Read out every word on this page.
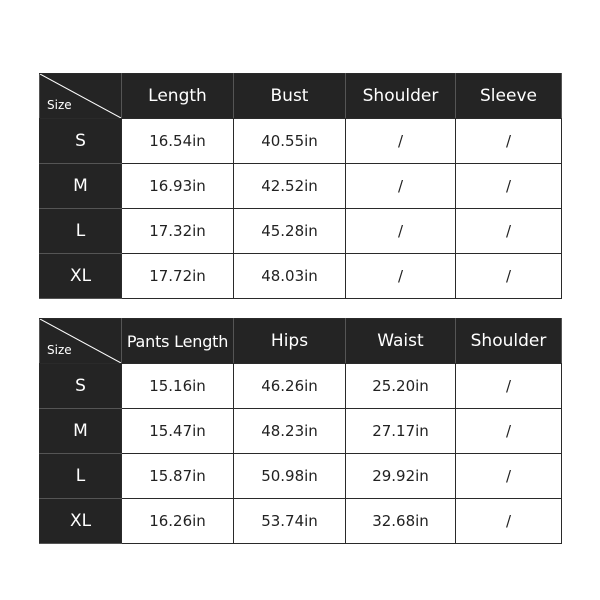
Size	Length	Bust	Shoulder	Sleeve
S	16.54in	40.55in	/	/
M	16.93in	42.52in	/	/
L	17.32in	45.28in	/	/
XL	17.72in	48.03in	/	/
Size	Pants Length	Hips	Waist	Shoulder
S	15.16in	46.26in	25.20in	/
M	15.47in	48.23in	27.17in	/
L	15.87in	50.98in	29.92in	/
XL	16.26in	53.74in	32.68in	/
